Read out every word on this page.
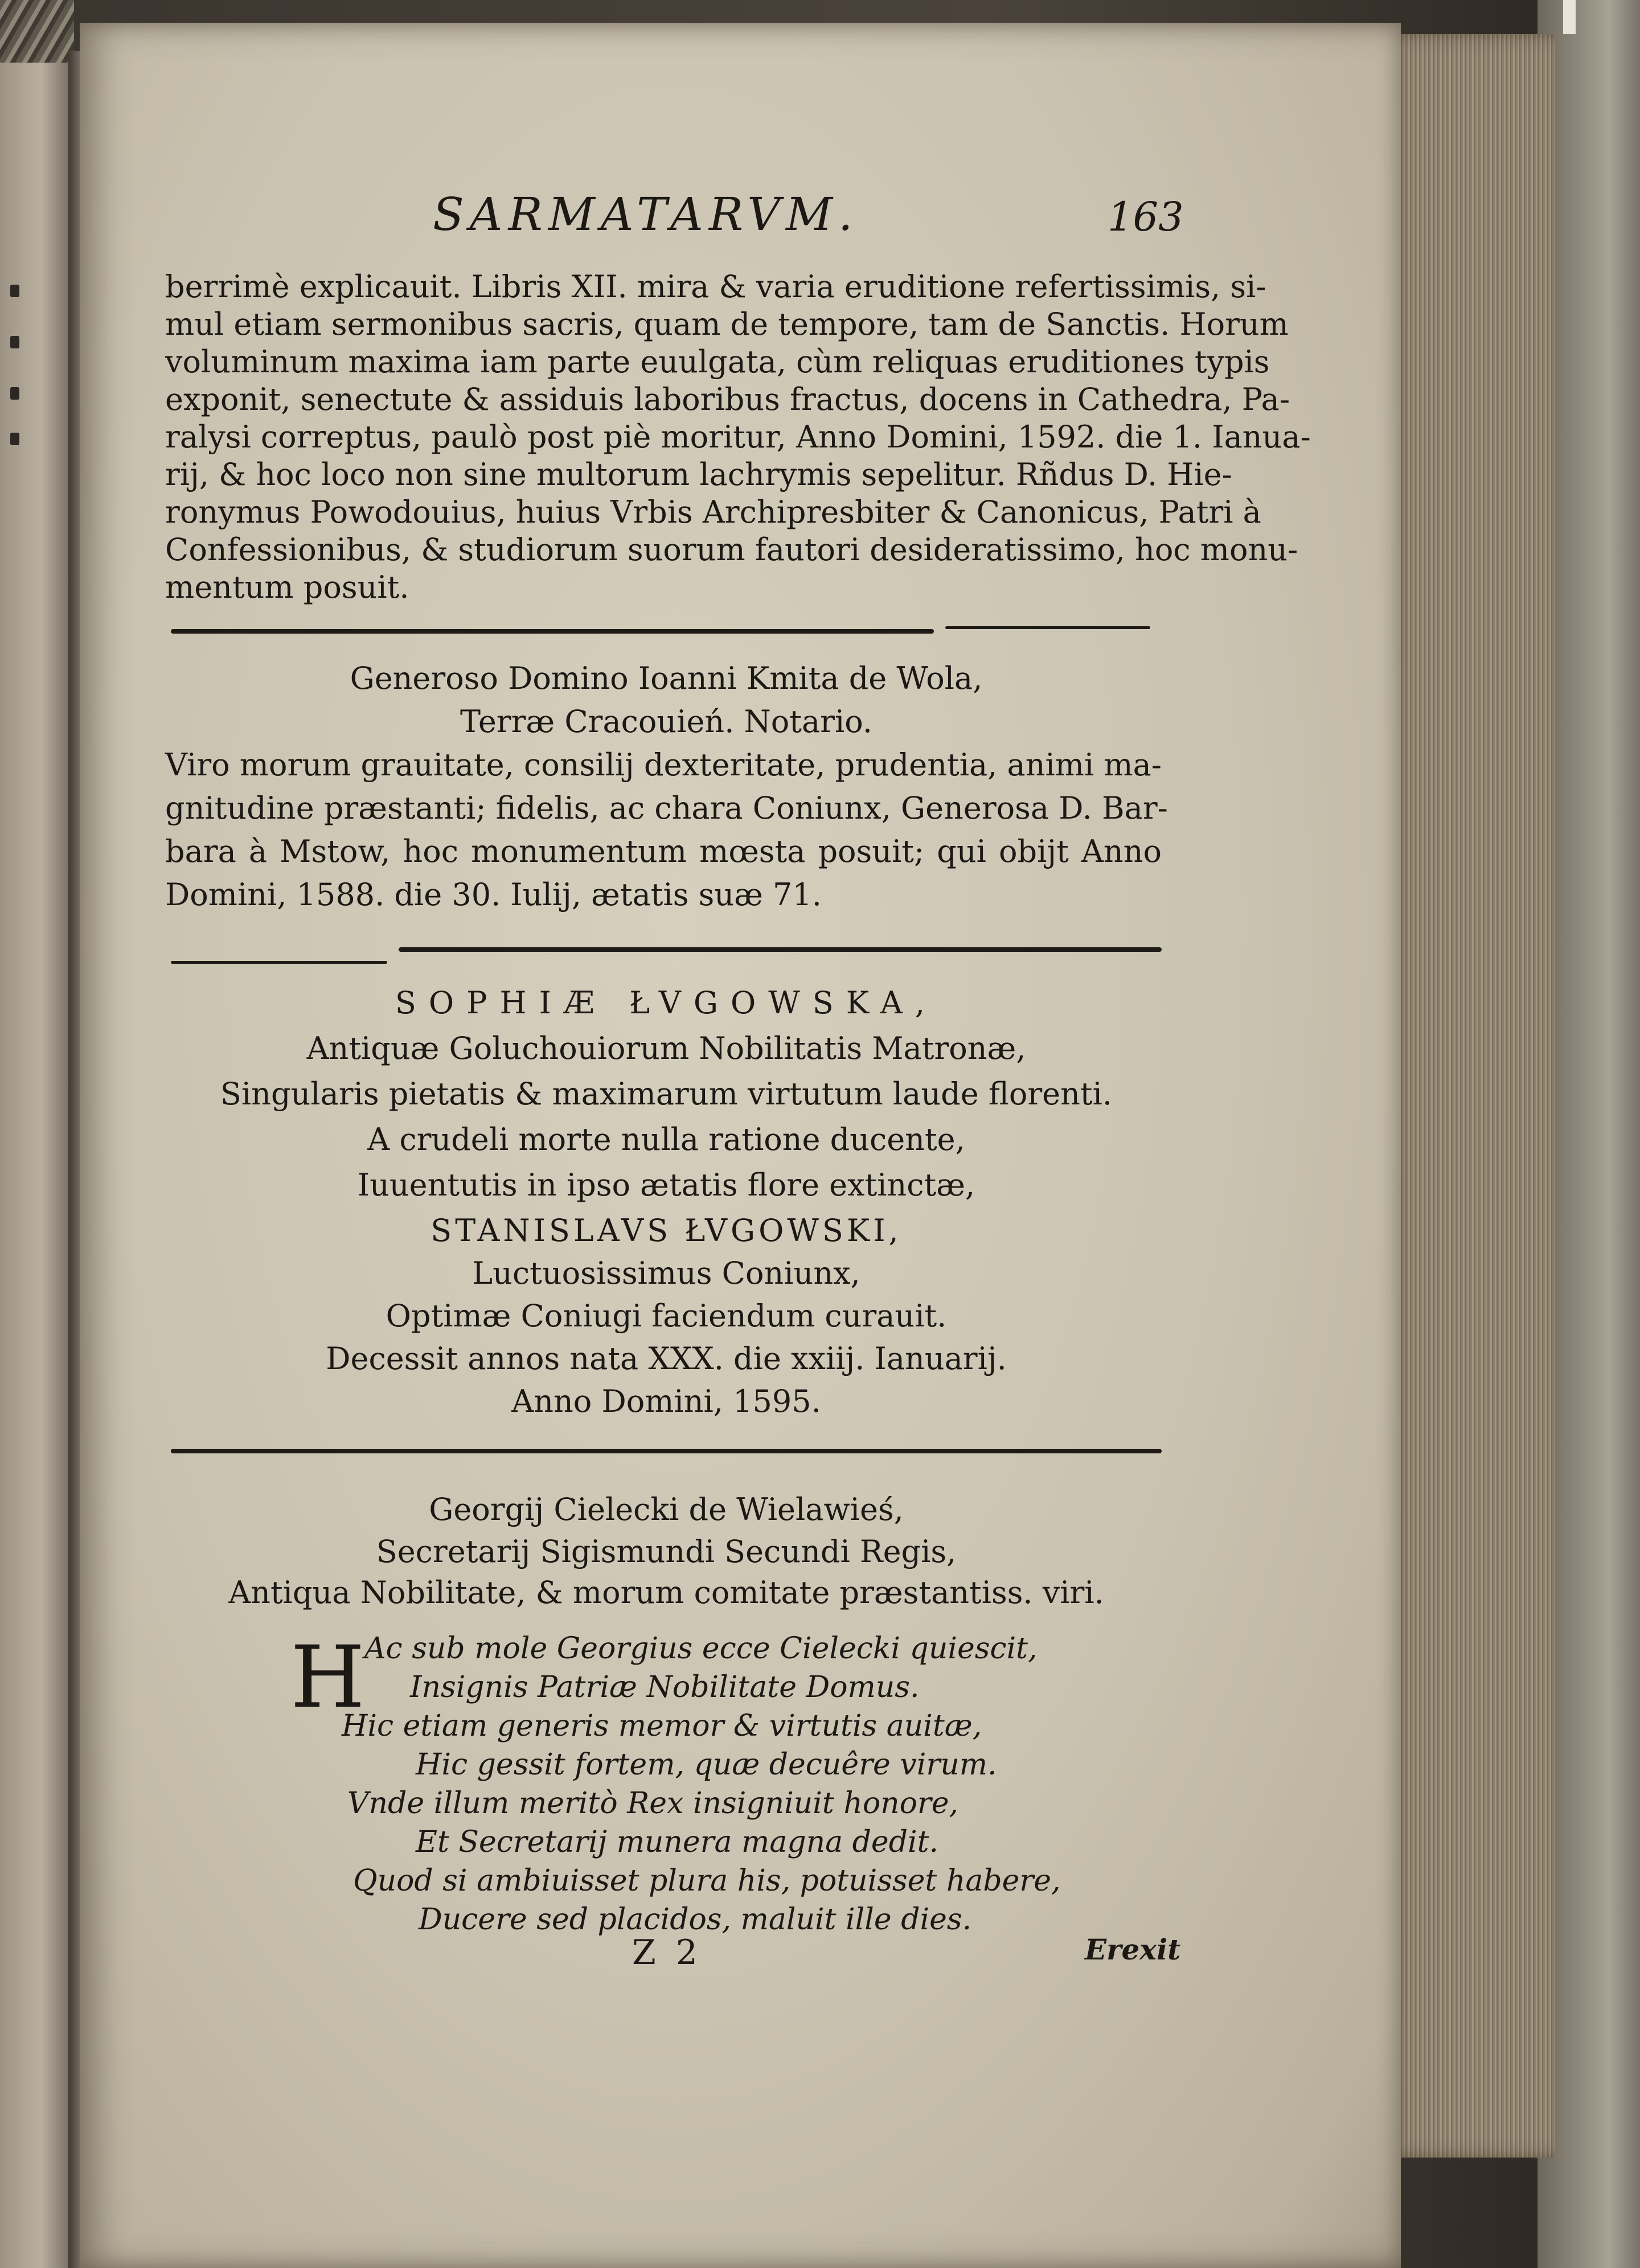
SARMATARVM.	163
berrimè explicauit. Libris XII. mira & varia eruditione refertissimis, si-
mul etiam sermonibus sacris, quam de tempore, tam de Sanctis. Horum
voluminum maxima iam parte euulgata, cùm reliquas eruditiones typis
exponit, senectute & assiduis laboribus fractus, docens in Cathedra, Pa-
ralysi correptus, paulò post piè moritur, Anno Domini, 1592. die 1. Ianua-
rij, & hoc loco non sine multorum lachrymis sepelitur. Rñdus D. Hie-
ronymus Powodouius, huius Vrbis Archipresbiter & Canonicus, Patri à
Confessionibus, & studiorum suorum fautori desideratissimo, hoc monu-
mentum posuit.
Generoso Domino Ioanni Kmita de Wola,
Terræ Cracouień. Notario.
Viro morum grauitate, consilij dexteritate, prudentia, animi ma-
gnitudine præstanti; fidelis, ac chara Coniunx, Generosa D. Bar-
bara à Mstow, hoc monumentum mœsta posuit; qui obijt Anno
Domini, 1588. die 30. Iulij, ætatis suæ 71.
SOPHIÆ ŁVGOWSKA,
Antiquæ Goluchouiorum Nobilitatis Matronæ,
Singularis pietatis & maximarum virtutum laude florenti.
A crudeli morte nulla ratione ducente,
Iuuentutis in ipso ætatis flore extinctæ,
STANISLAVS ŁVGOWSKI,
Luctuosissimus Coniunx,
Optimæ Coniugi faciendum curauit.
Decessit annos nata XXX. die xxiij. Ianuarij.
Anno Domini, 1595.
Georgij Cielecki de Wielawieś,
Secretarij Sigismundi Secundi Regis,
Antiqua Nobilitate, & morum comitate præstantiss. viri.
H Ac sub mole Georgius ecce Cielecki quiescit,
Insignis Patriæ Nobilitate Domus.
Hic etiam generis memor & virtutis auitæ,
Hic gessit fortem, quæ decuêre virum.
Vnde illum meritò Rex insigniuit honore,
Et Secretarij munera magna dedit.
Quod si ambiuisset plura his, potuisset habere,
Ducere sed placidos, maluit ille dies.
Z 2	Erexit
